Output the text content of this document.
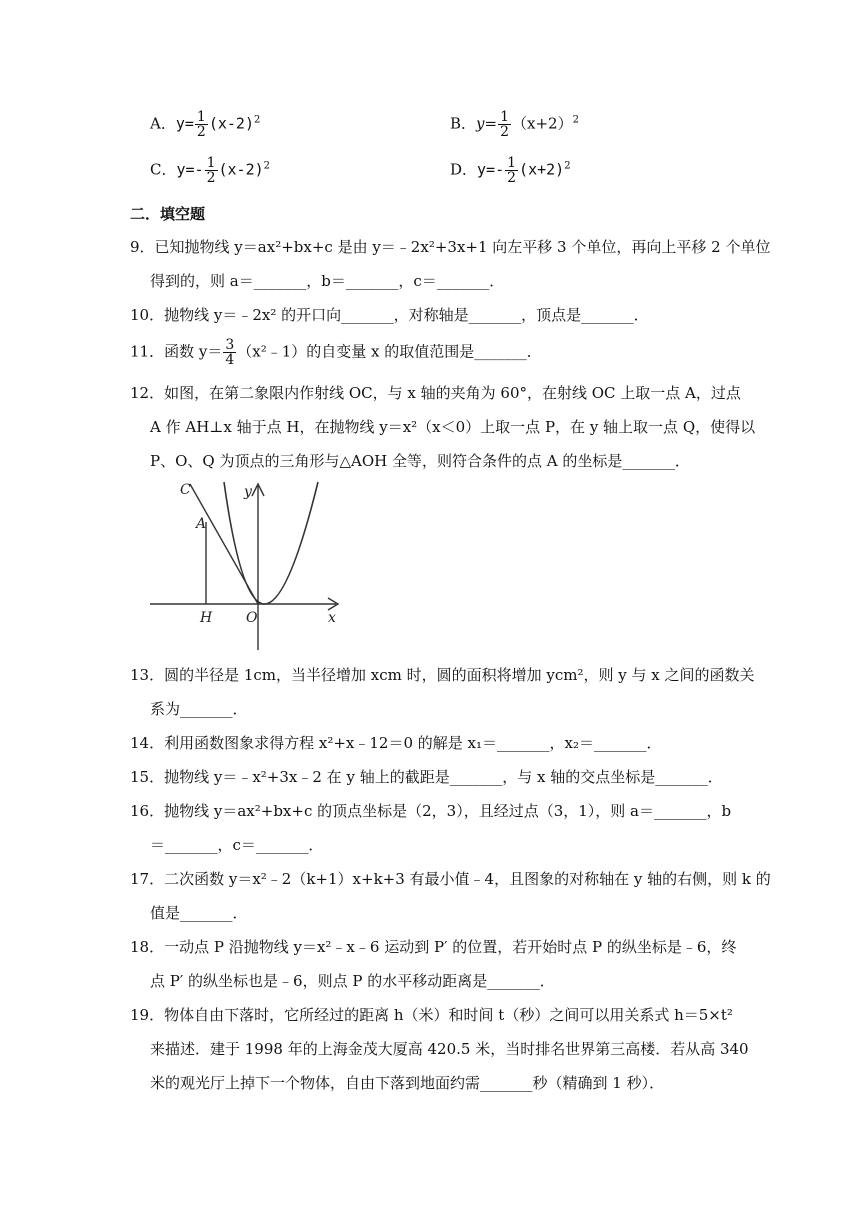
A．$y= \frac{1}{2} (x-2)^2$	B．$y= \frac{1}{2} (x+2)^2$
C．$y=- \frac{1}{2} (x-2)^2$	D．$y=- \frac{1}{2} (x+2)^2$
二．填空题
9．已知抛物线 y＝ax²+bx+c 是由 y＝﹣2x²+3x+1 向左平移 3 个单位，再向上平移 2 个单位
得到的，则 a＝_______，b＝_______，c＝_______．
10．抛物线 y＝﹣2x² 的开口向_______，对称轴是_______，顶点是_______．
11．函数 $y= \frac{3}{4}$ （x²﹣1）的自变量 x 的取值范围是_______．
12．如图，在第二象限内作射线 OC，与 x 轴的夹角为 60°，在射线 OC 上取一点 A，过点
A 作 AH⊥x 轴于点 H，在抛物线 y＝x²（x＜0）上取一点 P，在 y 轴上取一点 Q，使得以
P、O、Q 为顶点的三角形与△AOH 全等，则符合条件的点 A 的坐标是_______．
C
A
H O	x
y
13．圆的半径是 1cm，当半径增加 xcm 时，圆的面积将增加 ycm²，则 y 与 x 之间的函数关
系为_______．
14．利用函数图象求得方程 x²+x﹣12＝0 的解是 x₁＝_______，x₂＝_______．
15．抛物线 y＝﹣x²+3x﹣2 在 y 轴上的截距是_______，与 x 轴的交点坐标是_______．
16．抛物线 y＝ax²+bx+c 的顶点坐标是（2，3），且经过点（3，1），则 a＝_______，b
＝_______，c＝_______．
17．二次函数 y＝x²﹣2（k+1）x+k+3 有最小值﹣4，且图象的对称轴在 y 轴的右侧，则 k 的
值是_______．
18．一动点 P 沿抛物线 y＝x²﹣x﹣6 运动到 P′ 的位置，若开始时点 P 的纵坐标是﹣6，终
点 P′ 的纵坐标也是﹣6，则点 P 的水平移动距离是_______．
19．物体自由下落时，它所经过的距离 h（米）和时间 t（秒）之间可以用关系式 h＝5×t²
来描述．建于 1998 年的上海金茂大厦高 420.5 米，当时排名世界第三高楼．若从高 340
米的观光厅上掉下一个物体，自由下落到地面约需_______秒（精确到 1 秒）．
